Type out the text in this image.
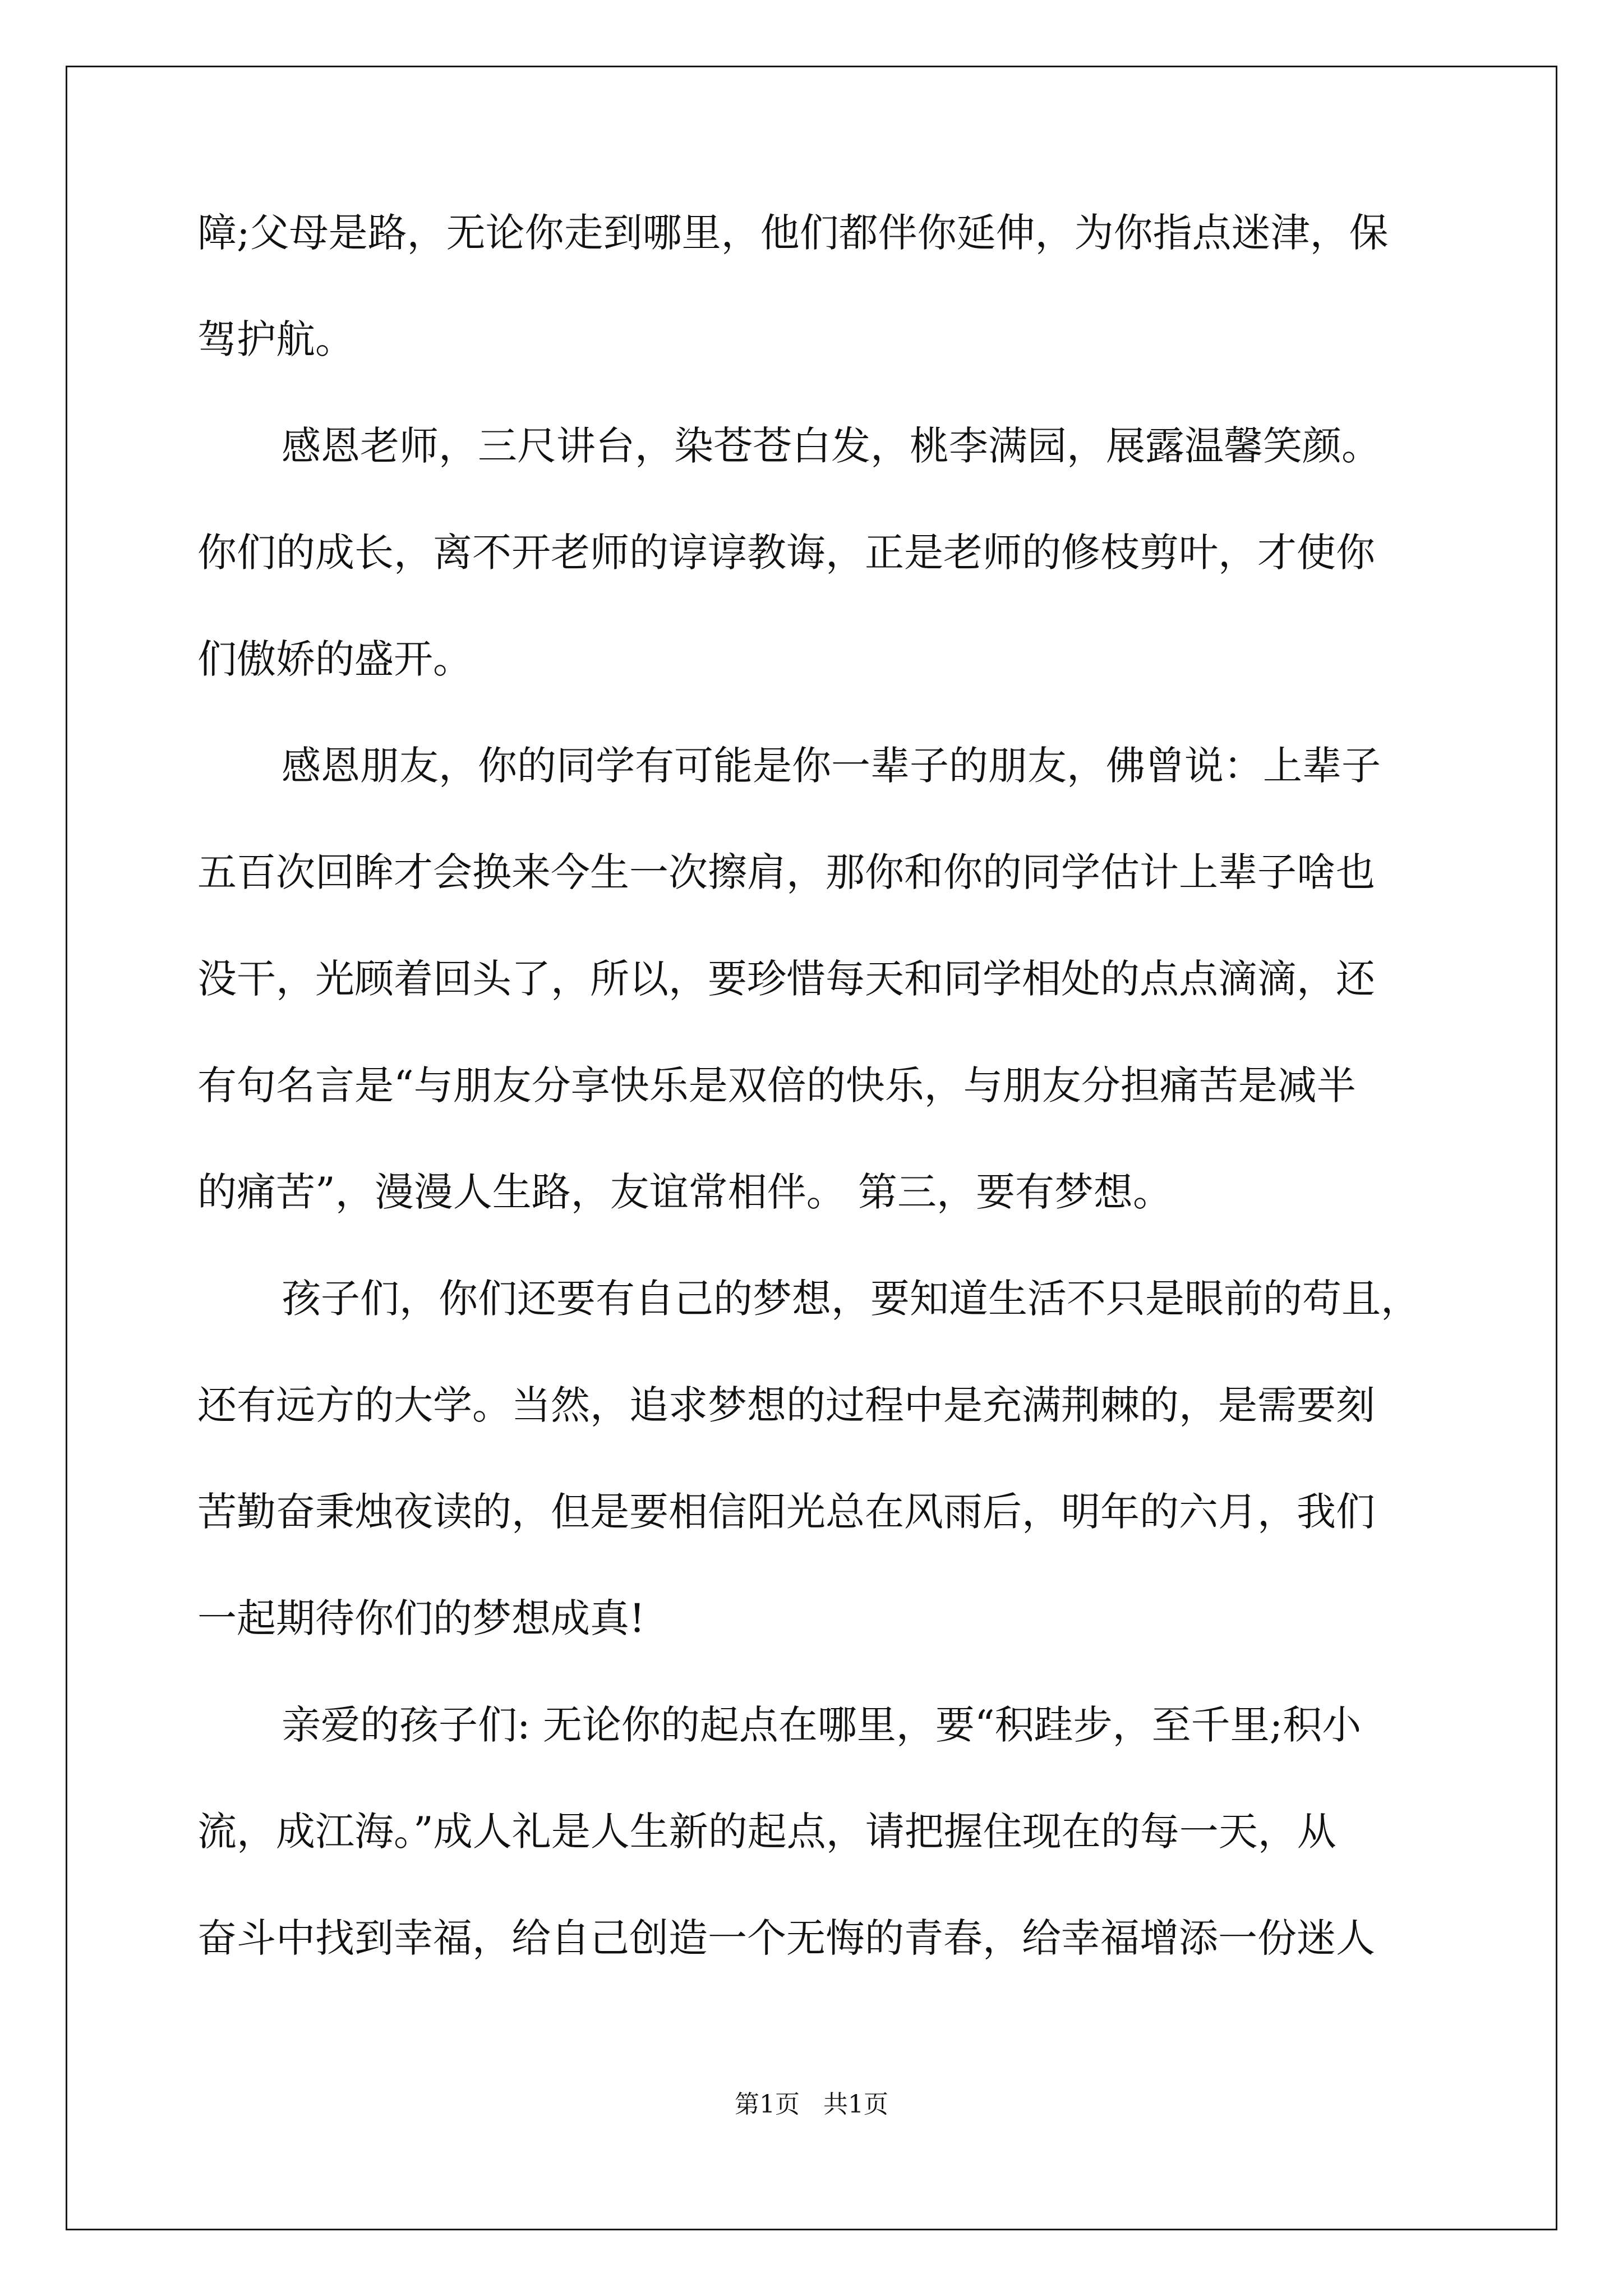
障;父母是路，无论你走到哪里，他们都伴你延伸，为你指点迷津，保
驾护航。
感恩老师，三尺讲台，染苍苍白发，桃李满园，展露温馨笑颜。
你们的成长，离不开老师的谆谆教诲，正是老师的修枝剪叶，才使你
们傲娇的盛开。
感恩朋友，你的同学有可能是你一辈子的朋友，佛曾说：上辈子
五百次回眸才会换来今生一次擦肩，那你和你的同学估计上辈子啥也
没干，光顾着回头了，所以，要珍惜每天和同学相处的点点滴滴，还
有句名言是“与朋友分享快乐是双倍的快乐，与朋友分担痛苦是减半
的痛苦”，漫漫人生路，友谊常相伴。 第三，要有梦想。
孩子们，你们还要有自己的梦想，要知道生活不只是眼前的苟且，
还有远方的大学。当然，追求梦想的过程中是充满荆棘的，是需要刻
苦勤奋秉烛夜读的，但是要相信阳光总在风雨后，明年的六月，我们
一起期待你们的梦想成真!
亲爱的孩子们: 无论你的起点在哪里，要“积跬步，至千里;积小
流，成江海。”成人礼是人生新的起点，请把握住现在的每一天，从
奋斗中找到幸福，给自己创造一个无悔的青春，给幸福增添一份迷人
第1页 共1页
